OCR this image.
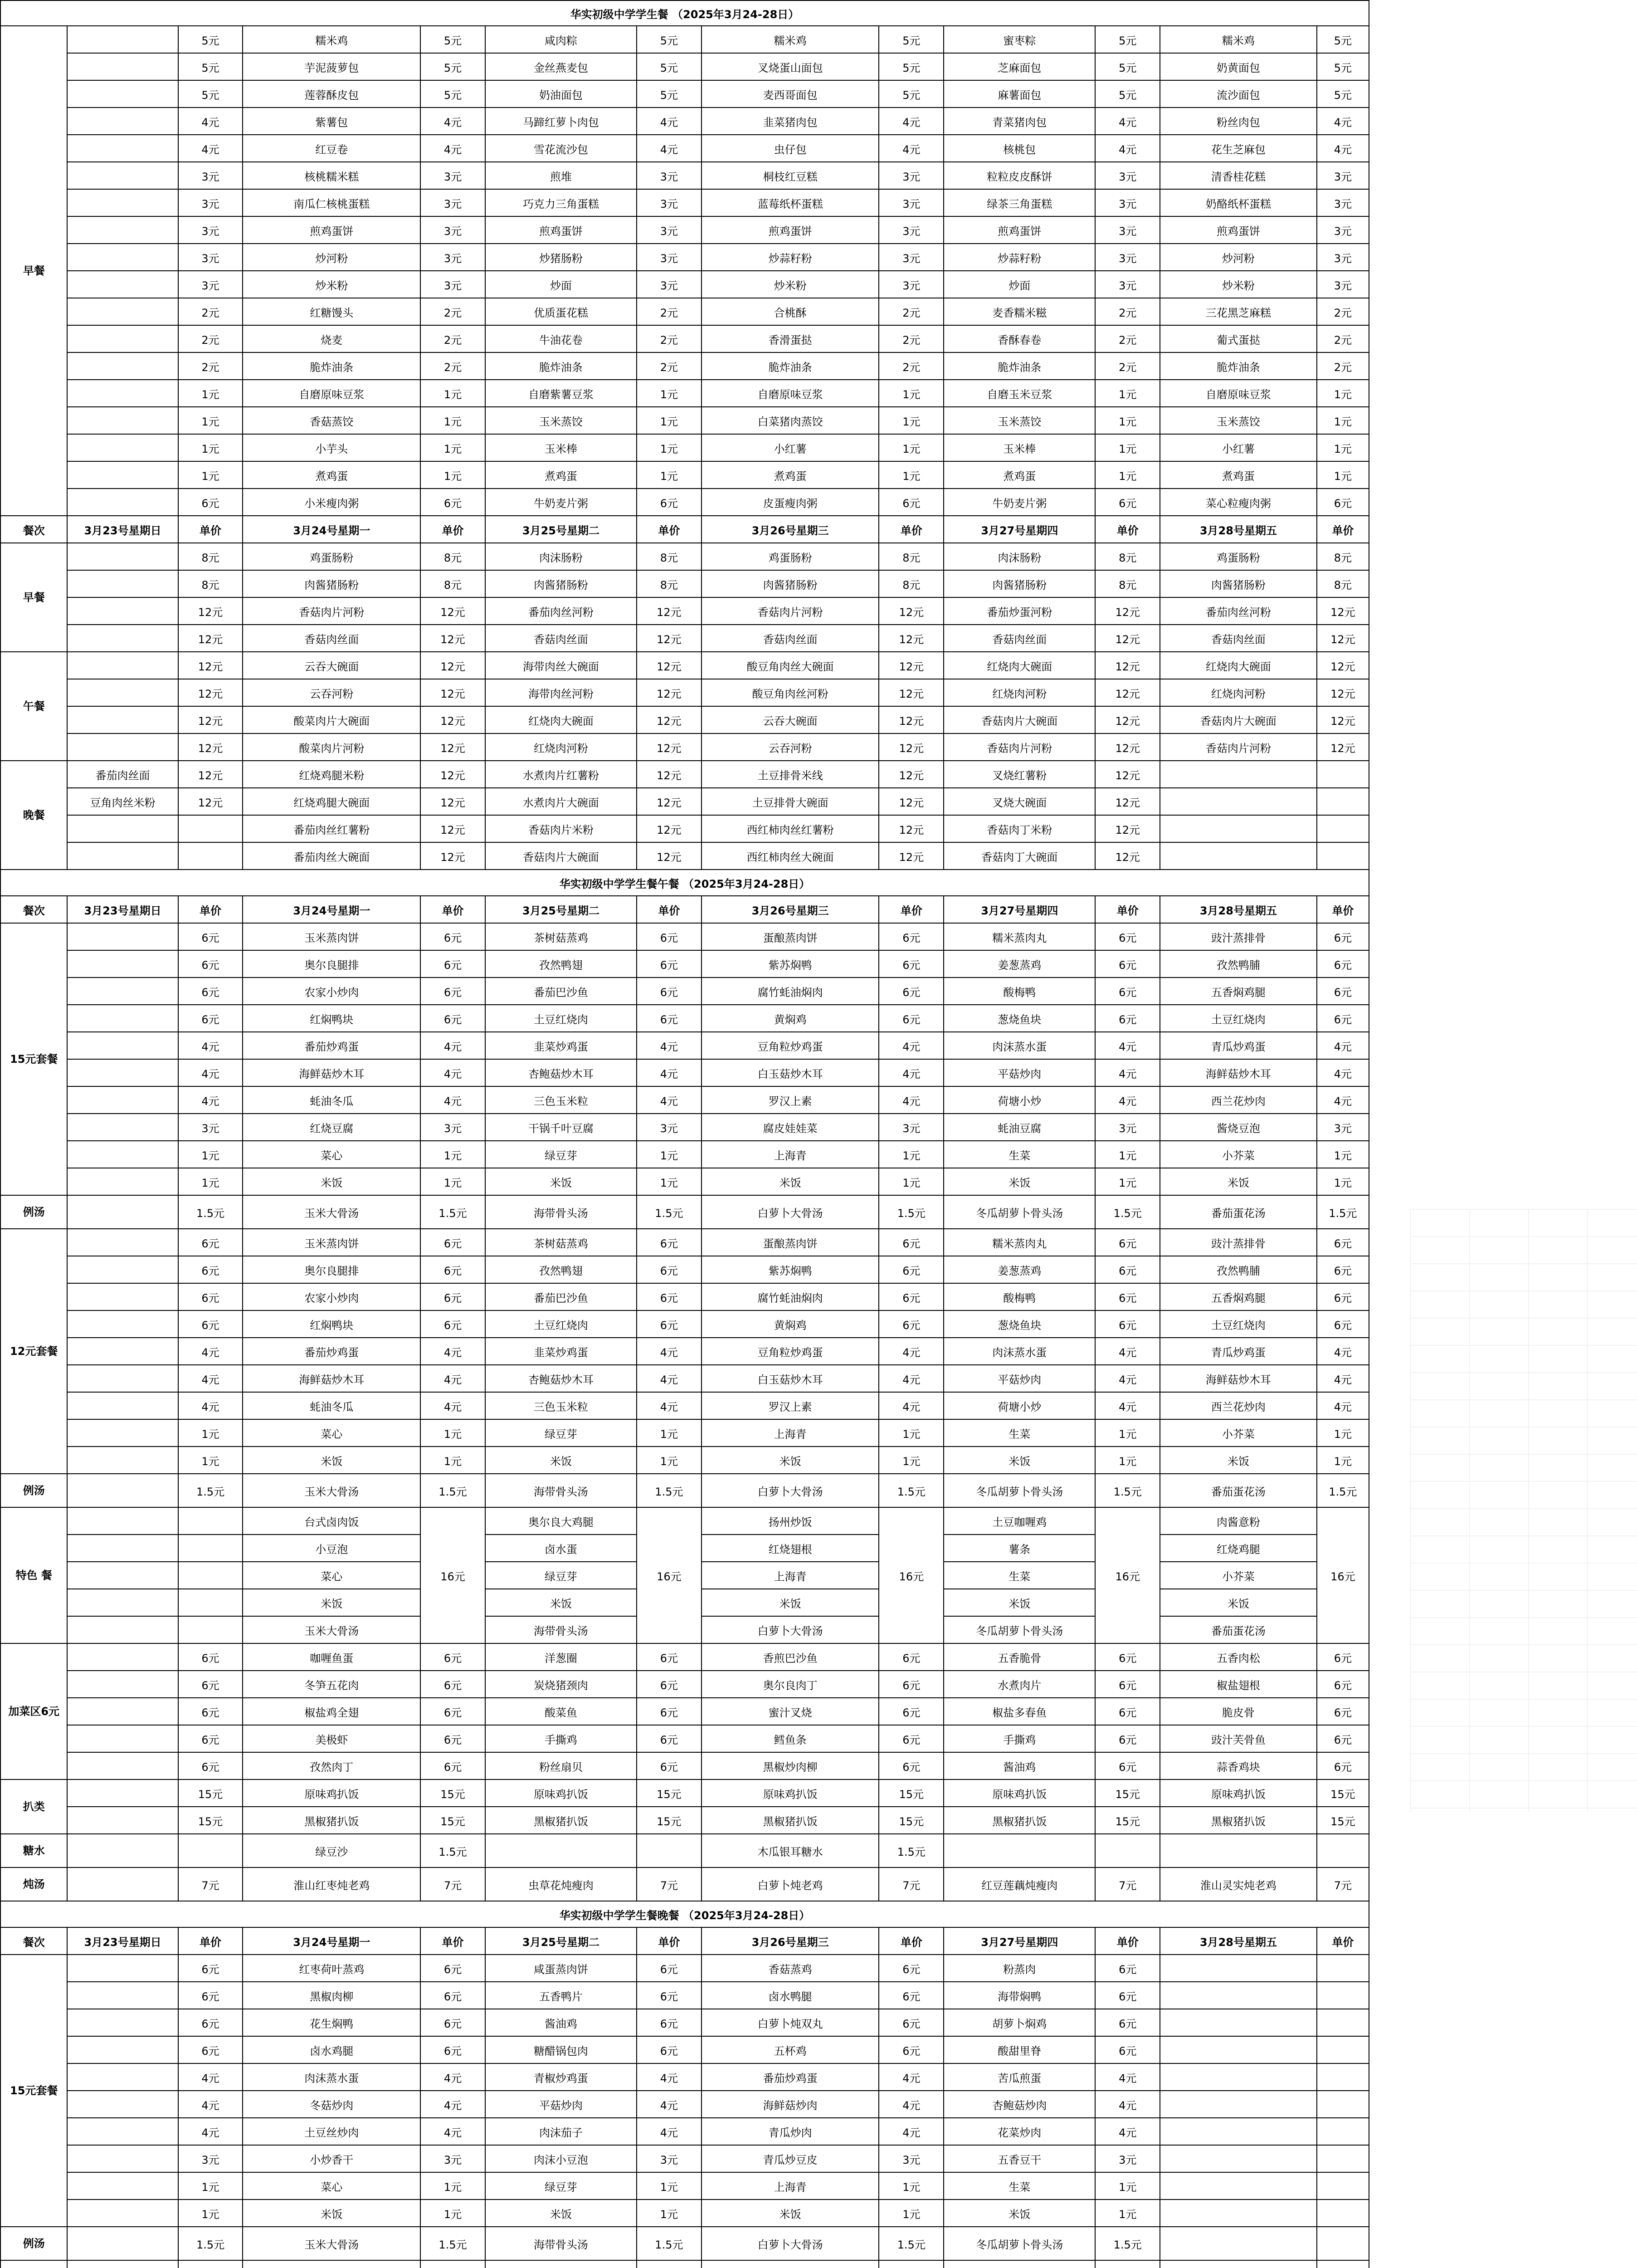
华实初级中学学生餐 （2025年3月24-28日）												
早餐		5元	糯米鸡	5元	咸肉粽	5元	糯米鸡	5元	蜜枣粽	5元	糯米鸡	5元
		5元	芋泥菠萝包	5元	金丝燕麦包	5元	叉烧蛋山面包	5元	芝麻面包	5元	奶黄面包	5元
		5元	莲蓉酥皮包	5元	奶油面包	5元	麦西哥面包	5元	麻薯面包	5元	流沙面包	5元
		4元	紫薯包	4元	马蹄红萝卜肉包	4元	韭菜猪肉包	4元	青菜猪肉包	4元	粉丝肉包	4元
		4元	红豆卷	4元	雪花流沙包	4元	虫仔包	4元	核桃包	4元	花生芝麻包	4元
		3元	核桃糯米糕	3元	煎堆	3元	桐枝红豆糕	3元	粒粒皮皮酥饼	3元	清香桂花糕	3元
		3元	南瓜仁核桃蛋糕	3元	巧克力三角蛋糕	3元	蓝莓纸杯蛋糕	3元	绿茶三角蛋糕	3元	奶酪纸杯蛋糕	3元
		3元	煎鸡蛋饼	3元	煎鸡蛋饼	3元	煎鸡蛋饼	3元	煎鸡蛋饼	3元	煎鸡蛋饼	3元
		3元	炒河粉	3元	炒猪肠粉	3元	炒蒜籽粉	3元	炒蒜籽粉	3元	炒河粉	3元
		3元	炒米粉	3元	炒面	3元	炒米粉	3元	炒面	3元	炒米粉	3元
		2元	红糖馒头	2元	优质蛋花糕	2元	合桃酥	2元	麦香糯米糍	2元	三花黑芝麻糕	2元
		2元	烧麦	2元	牛油花卷	2元	香滑蛋挞	2元	香酥春卷	2元	葡式蛋挞	2元
		2元	脆炸油条	2元	脆炸油条	2元	脆炸油条	2元	脆炸油条	2元	脆炸油条	2元
		1元	自磨原味豆浆	1元	自磨紫薯豆浆	1元	自磨原味豆浆	1元	自磨玉米豆浆	1元	自磨原味豆浆	1元
		1元	香菇蒸饺	1元	玉米蒸饺	1元	白菜猪肉蒸饺	1元	玉米蒸饺	1元	玉米蒸饺	1元
		1元	小芋头	1元	玉米棒	1元	小红薯	1元	玉米棒	1元	小红薯	1元
		1元	煮鸡蛋	1元	煮鸡蛋	1元	煮鸡蛋	1元	煮鸡蛋	1元	煮鸡蛋	1元
		6元	小米瘦肉粥	6元	牛奶麦片粥	6元	皮蛋瘦肉粥	6元	牛奶麦片粥	6元	菜心粒瘦肉粥	6元
餐次	3月23号星期日	单价	3月24号星期一	单价	3月25号星期二	单价	3月26号星期三	单价	3月27号星期四	单价	3月28号星期五	单价
早餐		8元	鸡蛋肠粉	8元	肉沫肠粉	8元	鸡蛋肠粉	8元	肉沫肠粉	8元	鸡蛋肠粉	8元
		8元	肉酱猪肠粉	8元	肉酱猪肠粉	8元	肉酱猪肠粉	8元	肉酱猪肠粉	8元	肉酱猪肠粉	8元
		12元	香菇肉片河粉	12元	番茄肉丝河粉	12元	香菇肉片河粉	12元	番茄炒蛋河粉	12元	番茄肉丝河粉	12元
		12元	香菇肉丝面	12元	香菇肉丝面	12元	香菇肉丝面	12元	香菇肉丝面	12元	香菇肉丝面	12元
午餐		12元	云吞大碗面	12元	海带肉丝大碗面	12元	酸豆角肉丝大碗面	12元	红烧肉大碗面	12元	红烧肉大碗面	12元
		12元	云吞河粉	12元	海带肉丝河粉	12元	酸豆角肉丝河粉	12元	红烧肉河粉	12元	红烧肉河粉	12元
		12元	酸菜肉片大碗面	12元	红烧肉大碗面	12元	云吞大碗面	12元	香菇肉片大碗面	12元	香菇肉片大碗面	12元
		12元	酸菜肉片河粉	12元	红烧肉河粉	12元	云吞河粉	12元	香菇肉片河粉	12元	香菇肉片河粉	12元
晚餐	番茄肉丝面	12元	红烧鸡腿米粉	12元	水煮肉片红薯粉	12元	土豆排骨米线	12元	叉烧红薯粉	12元		
	豆角肉丝米粉	12元	红烧鸡腿大碗面	12元	水煮肉片大碗面	12元	土豆排骨大碗面	12元	叉烧大碗面	12元		
			番茄肉丝红薯粉	12元	香菇肉片米粉	12元	西红柿肉丝红薯粉	12元	香菇肉丁米粉	12元		
			番茄肉丝大碗面	12元	香菇肉片大碗面	12元	西红柿肉丝大碗面	12元	香菇肉丁大碗面	12元		
华实初级中学学生餐午餐 （2025年3月24-28日）												
餐次	3月23号星期日	单价	3月24号星期一	单价	3月25号星期二	单价	3月26号星期三	单价	3月27号星期四	单价	3月28号星期五	单价
15元套餐		6元	玉米蒸肉饼	6元	茶树菇蒸鸡	6元	蛋酿蒸肉饼	6元	糯米蒸肉丸	6元	豉汁蒸排骨	6元
		6元	奥尔良腿排	6元	孜然鸭翅	6元	紫苏焖鸭	6元	姜葱蒸鸡	6元	孜然鸭脯	6元
		6元	农家小炒肉	6元	番茄巴沙鱼	6元	腐竹蚝油焖肉	6元	酸梅鸭	6元	五香焖鸡腿	6元
		6元	红焖鸭块	6元	土豆红烧肉	6元	黄焖鸡	6元	葱烧鱼块	6元	土豆红烧肉	6元
		4元	番茄炒鸡蛋	4元	韭菜炒鸡蛋	4元	豆角粒炒鸡蛋	4元	肉沫蒸水蛋	4元	青瓜炒鸡蛋	4元
		4元	海鲜菇炒木耳	4元	杏鲍菇炒木耳	4元	白玉菇炒木耳	4元	平菇炒肉	4元	海鲜菇炒木耳	4元
		4元	蚝油冬瓜	4元	三色玉米粒	4元	罗汉上素	4元	荷塘小炒	4元	西兰花炒肉	4元
		3元	红烧豆腐	3元	干锅千叶豆腐	3元	腐皮娃娃菜	3元	蚝油豆腐	3元	酱烧豆泡	3元
		1元	菜心	1元	绿豆芽	1元	上海青	1元	生菜	1元	小芥菜	1元
		1元	米饭	1元	米饭	1元	米饭	1元	米饭	1元	米饭	1元
例汤		1.5元	玉米大骨汤	1.5元	海带骨头汤	1.5元	白萝卜大骨汤	1.5元	冬瓜胡萝卜骨头汤	1.5元	番茄蛋花汤	1.5元
12元套餐		6元	玉米蒸肉饼	6元	茶树菇蒸鸡	6元	蛋酿蒸肉饼	6元	糯米蒸肉丸	6元	豉汁蒸排骨	6元
		6元	奥尔良腿排	6元	孜然鸭翅	6元	紫苏焖鸭	6元	姜葱蒸鸡	6元	孜然鸭脯	6元
		6元	农家小炒肉	6元	番茄巴沙鱼	6元	腐竹蚝油焖肉	6元	酸梅鸭	6元	五香焖鸡腿	6元
		6元	红焖鸭块	6元	土豆红烧肉	6元	黄焖鸡	6元	葱烧鱼块	6元	土豆红烧肉	6元
		4元	番茄炒鸡蛋	4元	韭菜炒鸡蛋	4元	豆角粒炒鸡蛋	4元	肉沫蒸水蛋	4元	青瓜炒鸡蛋	4元
		4元	海鲜菇炒木耳	4元	杏鲍菇炒木耳	4元	白玉菇炒木耳	4元	平菇炒肉	4元	海鲜菇炒木耳	4元
		4元	蚝油冬瓜	4元	三色玉米粒	4元	罗汉上素	4元	荷塘小炒	4元	西兰花炒肉	4元
		1元	菜心	1元	绿豆芽	1元	上海青	1元	生菜	1元	小芥菜	1元
		1元	米饭	1元	米饭	1元	米饭	1元	米饭	1元	米饭	1元
例汤		1.5元	玉米大骨汤	1.5元	海带骨头汤	1.5元	白萝卜大骨汤	1.5元	冬瓜胡萝卜骨头汤	1.5元	番茄蛋花汤	1.5元
特色 餐			台式卤肉饭	16元	奥尔良大鸡腿	16元	扬州炒饭	16元	土豆咖喱鸡	16元	肉酱意粉	16元
			小豆泡		卤水蛋		红烧翅根		薯条		红烧鸡腿	
			菜心		绿豆芽		上海青		生菜		小芥菜	
			米饭		米饭		米饭		米饭		米饭	
			玉米大骨汤		海带骨头汤		白萝卜大骨汤		冬瓜胡萝卜骨头汤		番茄蛋花汤	
加菜区6元		6元	咖喱鱼蛋	6元	洋葱圈	6元	香煎巴沙鱼	6元	五香脆骨	6元	五香肉松	6元
		6元	冬笋五花肉	6元	炭烧猪颈肉	6元	奥尔良肉丁	6元	水煮肉片	6元	椒盐翅根	6元
		6元	椒盐鸡全翅	6元	酸菜鱼	6元	蜜汁叉烧	6元	椒盐多春鱼	6元	脆皮骨	6元
		6元	美极虾	6元	手撕鸡	6元	鳕鱼条	6元	手撕鸡	6元	豉汁芙骨鱼	6元
		6元	孜然肉丁	6元	粉丝扇贝	6元	黑椒炒肉柳	6元	酱油鸡	6元	蒜香鸡块	6元
扒类		15元	原味鸡扒饭	15元	原味鸡扒饭	15元	原味鸡扒饭	15元	原味鸡扒饭	15元	原味鸡扒饭	15元
		15元	黑椒猪扒饭	15元	黑椒猪扒饭	15元	黑椒猪扒饭	15元	黑椒猪扒饭	15元	黑椒猪扒饭	15元
糖水			绿豆沙	1.5元			木瓜银耳糖水	1.5元				
炖汤		7元	淮山红枣炖老鸡	7元	虫草花炖瘦肉	7元	白萝卜炖老鸡	7元	红豆莲藕炖瘦肉	7元	淮山灵实炖老鸡	7元
华实初级中学学生餐晚餐 （2025年3月24-28日）												
餐次	3月23号星期日	单价	3月24号星期一	单价	3月25号星期二	单价	3月26号星期三	单价	3月27号星期四	单价	3月28号星期五	单价
15元套餐		6元	红枣荷叶蒸鸡	6元	咸蛋蒸肉饼	6元	香菇蒸鸡	6元	粉蒸肉	6元		
		6元	黑椒肉柳	6元	五香鸭片	6元	卤水鸭腿	6元	海带焖鸭	6元		
		6元	花生焖鸭	6元	酱油鸡	6元	白萝卜炖双丸	6元	胡萝卜焖鸡	6元		
		6元	卤水鸡腿	6元	糖醋锅包肉	6元	五杯鸡	6元	酸甜里脊	6元		
		4元	肉沫蒸水蛋	4元	青椒炒鸡蛋	4元	番茄炒鸡蛋	4元	苦瓜煎蛋	4元		
		4元	冬菇炒肉	4元	平菇炒肉	4元	海鲜菇炒肉	4元	杏鲍菇炒肉	4元		
		4元	土豆丝炒肉	4元	肉沫茄子	4元	青瓜炒肉	4元	花菜炒肉	4元		
		3元	小炒香干	3元	肉沫小豆泡	3元	青瓜炒豆皮	3元	五香豆干	3元		
		1元	菜心	1元	绿豆芽	1元	上海青	1元	生菜	1元		
		1元	米饭	1元	米饭	1元	米饭	1元	米饭	1元		
例汤		1.5元	玉米大骨汤	1.5元	海带骨头汤	1.5元	白萝卜大骨汤	1.5元	冬瓜胡萝卜骨头汤	1.5元		
